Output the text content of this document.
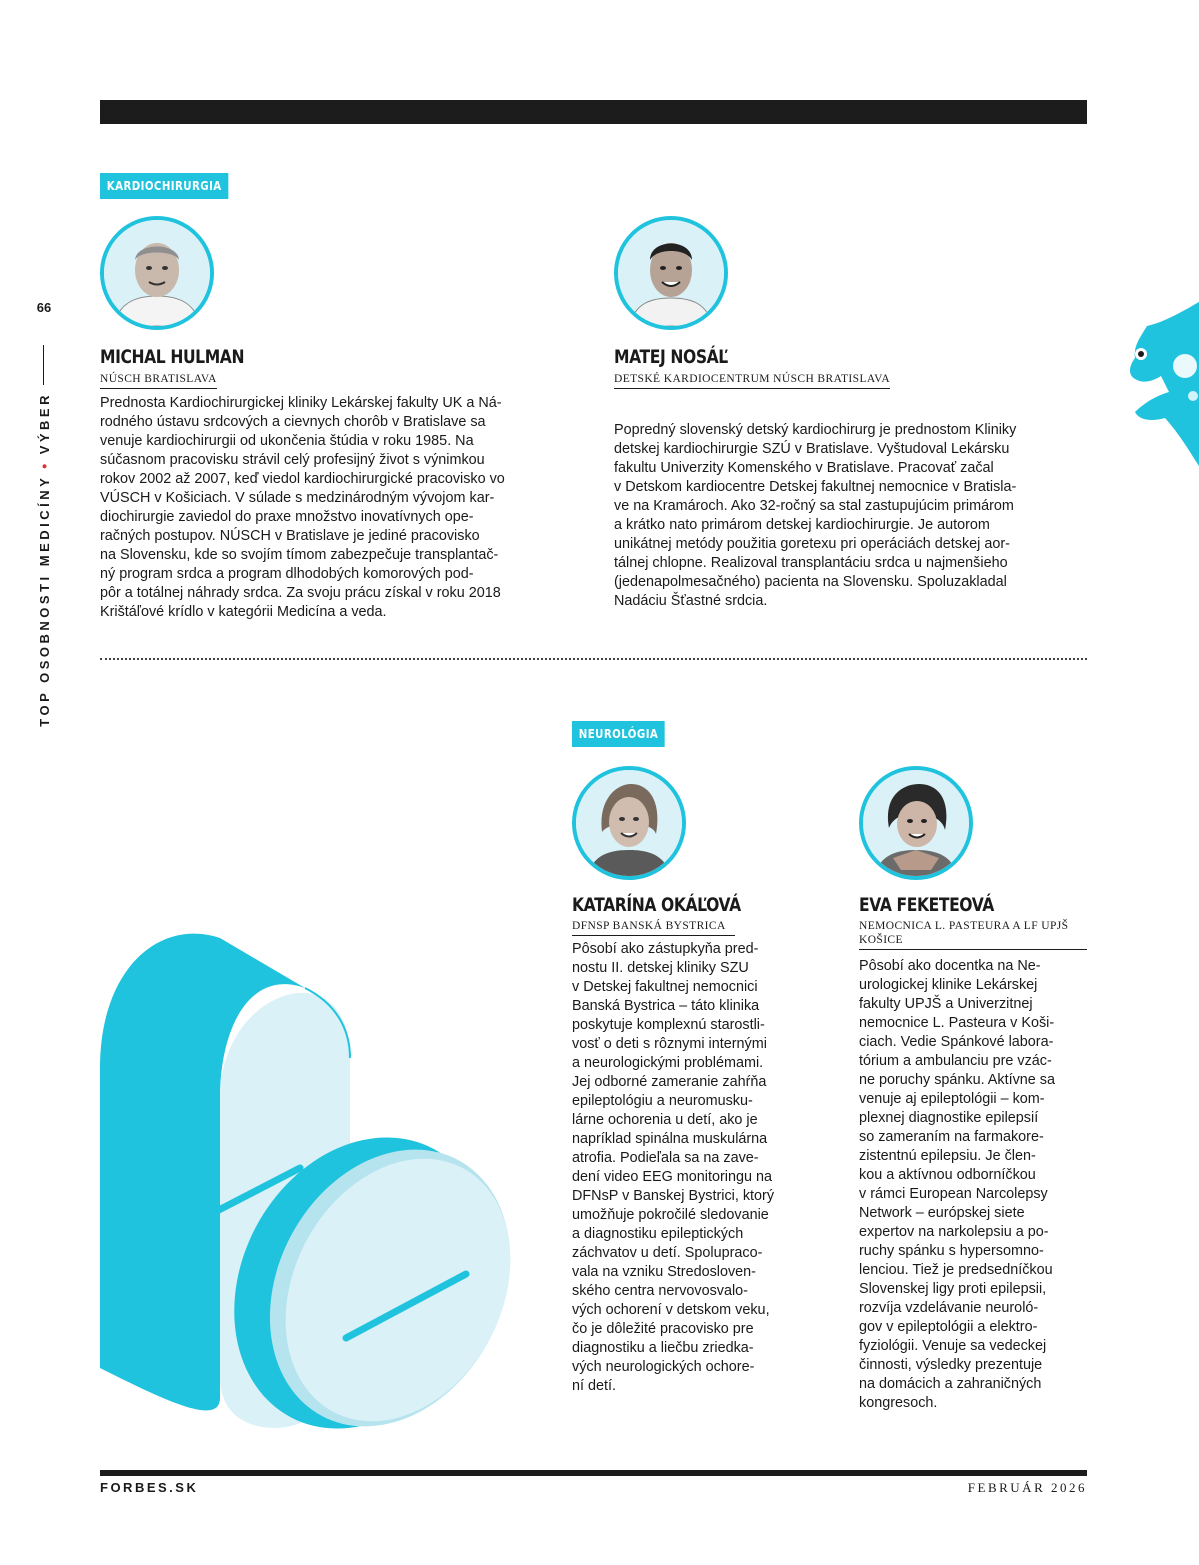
66
TOP OSOBNOSTI MEDICÍNY
•
VÝBER
KARDIOCHIRURGIA
MICHAL HULMAN
NÚSCH BRATISLAVA
Prednosta Kardiochirurgickej kliniky Lekárskej fakulty UK a Ná-
rodného ústavu srdcových a cievnych chorôb v Bratislave sa
venuje kardiochirurgii od ukončenia štúdia v roku 1985. Na
súčasnom pracovisku strávil celý profesijný život s výnimkou
rokov 2002 až 2007, keď viedol kardiochirurgické pracovisko vo
VÚSCH v Košiciach. V súlade s medzinárodným vývojom kar-
diochirurgie zaviedol do praxe množstvo inovatívnych ope-
račných postupov. NÚSCH v Bratislave je jediné pracovisko
na Slovensku, kde so svojím tímom zabezpečuje transplantač-
ný program srdca a program dlhodobých komorových pod-
pôr a totálnej náhrady srdca. Za svoju prácu získal v roku 2018
Krištáľové krídlo v kategórii Medicína a veda.
MATEJ NOSÁĽ
DETSKÉ KARDIOCENTRUM NÚSCH BRATISLAVA
Popredný slovenský detský kardiochirurg je prednostom Kliniky
detskej kardiochirurgie SZÚ v Bratislave. Vyštudoval Lekársku
fakultu Univerzity Komenského v Bratislave. Pracovať začal
v Detskom kardiocentre Detskej fakultnej nemocnice v Bratisla-
ve na Kramároch. Ako 32-ročný sa stal zastupujúcim primárom
a krátko nato primárom detskej kardiochirurgie. Je autorom
unikátnej metódy použitia goretexu pri operáciách detskej aor-
tálnej chlopne. Realizoval transplantáciu srdca u najmenšieho
(jedenapolmesačného) pacienta na Slovensku. Spoluzakladal
Nadáciu Šťastné srdcia.
NEUROLÓGIA
KATARÍNA OKÁĽOVÁ
DFNSP BANSKÁ BYSTRICA
Pôsobí ako zástupkyňa pred-
nostu II. detskej kliniky SZU
v Detskej fakultnej nemocnici
Banská Bystrica – táto klinika
poskytuje komplexnú starostli-
vosť o deti s rôznymi internými
a neurologickými problémami.
Jej odborné zameranie zahŕňa
epileptológiu a neuromusku-
lárne ochorenia u detí, ako je
napríklad spinálna muskulárna
atrofia. Podieľala sa na zave-
dení video EEG monitoringu na
DFNsP v Banskej Bystrici, ktorý
umožňuje pokročilé sledovanie
a diagnostiku epileptických
záchvatov u detí. Spolupraco-
vala na vzniku Stredosloven-
ského centra nervovosvalo-
vých ochorení v detskom veku,
čo je dôležité pracovisko pre
diagnostiku a liečbu zriedka-
vých neurologických ochore-
ní detí.
EVA FEKETEOVÁ
NEMOCNICA L. PASTEURA A LF UPJŠ KOŠICE
Pôsobí ako docentka na Ne-
urologickej klinike Lekárskej
fakulty UPJŠ a Univerzitnej
nemocnice L. Pasteura v Koši-
ciach. Vedie Spánkové labora-
tórium a ambulanciu pre vzác-
ne poruchy spánku. Aktívne sa
venuje aj epileptológii – kom-
plexnej diagnostike epilepsií
so zameraním na farmakore-
zistentnú epilepsiu. Je člen-
kou a aktívnou odborníčkou
v rámci European Narcolepsy
Network – európskej siete
expertov na narkolepsiu a po-
ruchy spánku s hypersomno-
lenciou. Tiež je predsedníčkou
Slovenskej ligy proti epilepsii,
rozvíja vzdelávanie neuroló-
gov v epileptológii a elektro-
fyziológii. Venuje sa vedeckej
činnosti, výsledky prezentuje
na domácich a zahraničných
kongresoch.
FORBES.SK	FEBRUÁR 2026
